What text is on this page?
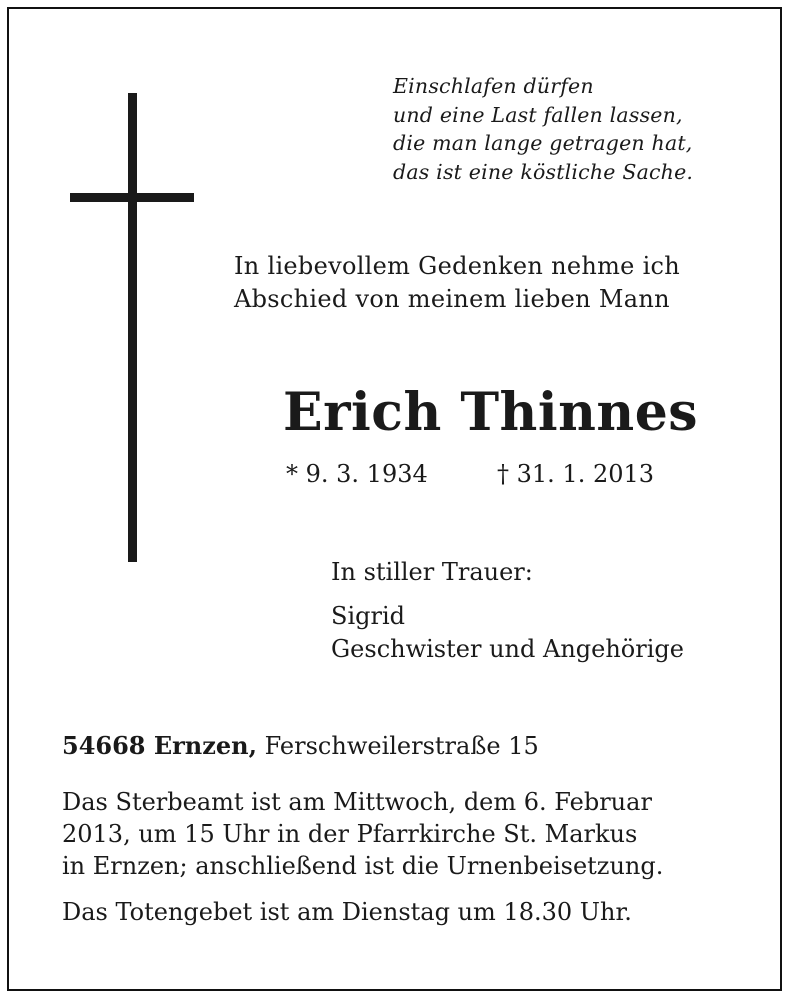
Einschlafen dürfen
und eine Last fallen lassen,
die man lange getragen hat,
das ist eine köstliche Sache.
In liebevollem Gedenken nehme ich
Abschied von meinem lieben Mann
Erich Thinnes
* 9. 3. 1934	† 31. 1. 2013
In stiller Trauer:
Sigrid
Geschwister und Angehörige
54668 Ernzen, Ferschweilerstraße 15
Das Sterbeamt ist am Mittwoch, dem 6. Februar
2013, um 15 Uhr in der Pfarrkirche St. Markus
in Ernzen; anschließend ist die Urnenbeisetzung.
Das Totengebet ist am Dienstag um 18.30 Uhr.
